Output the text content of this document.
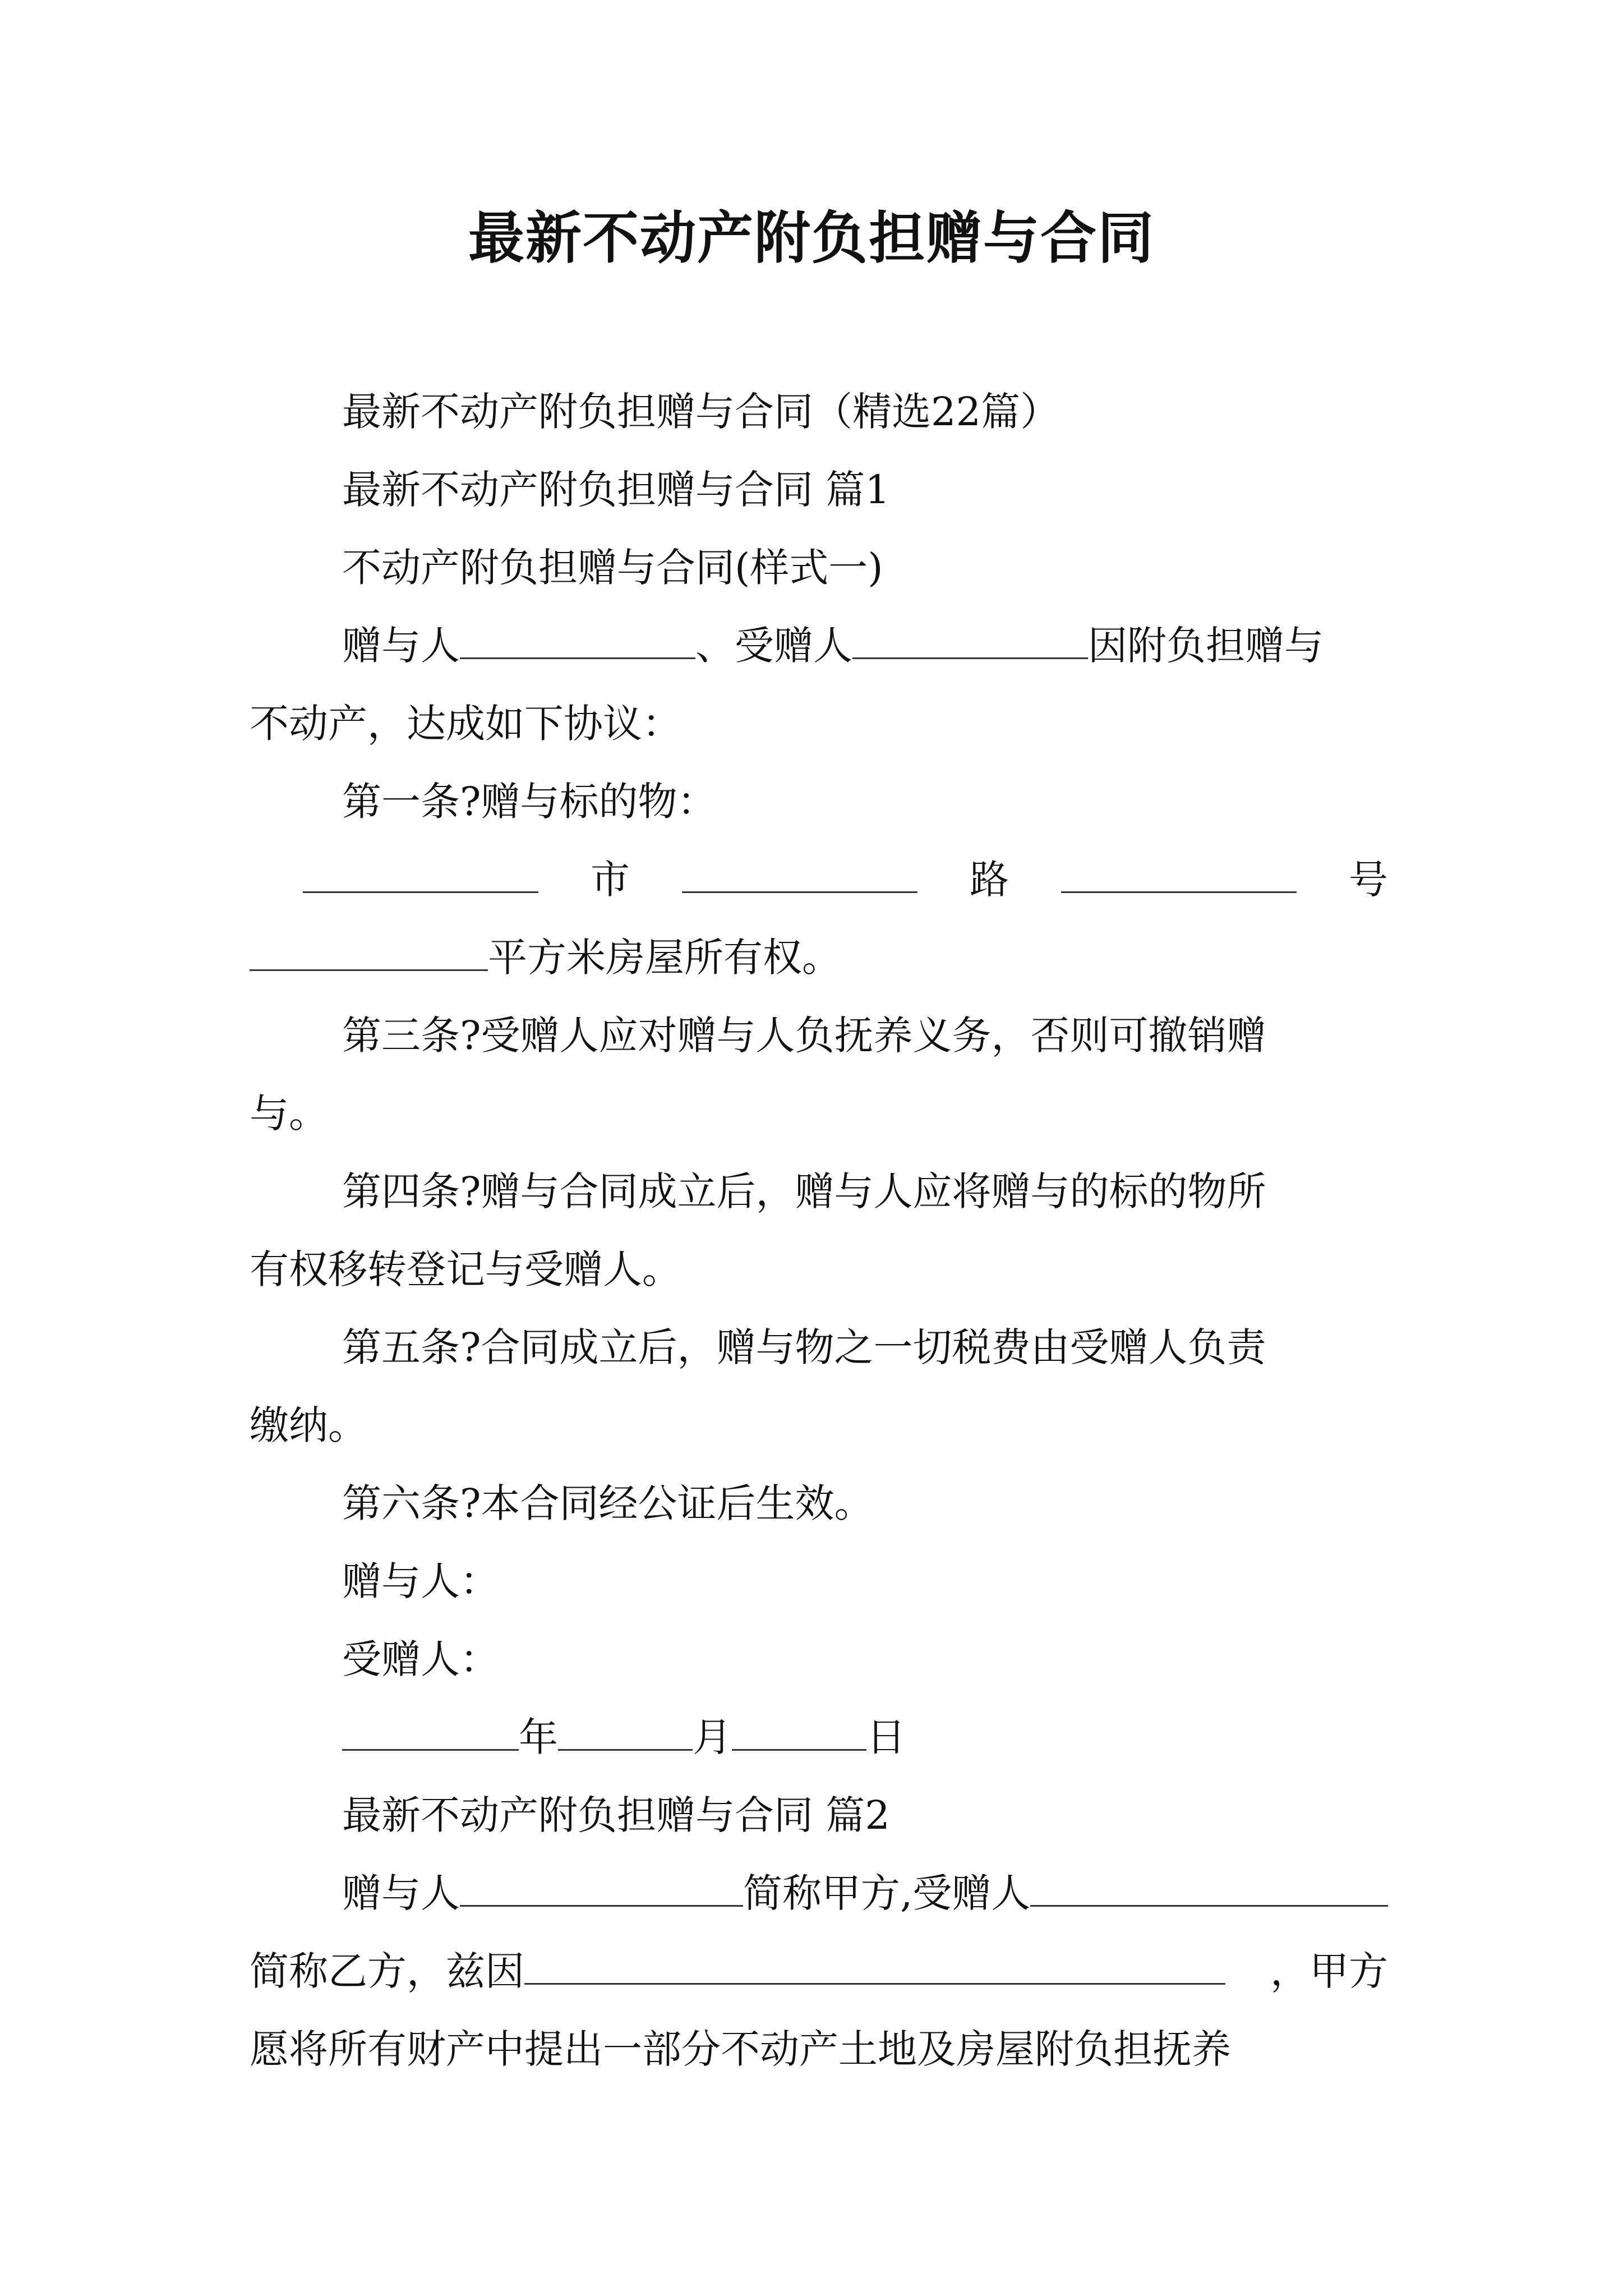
最新不动产附负担赠与合同
最新不动产附负担赠与合同（精选22篇）
最新不动产附负担赠与合同 篇1
不动产附负担赠与合同(样式一)
赠与人	、受赠人	因附负担赠与
不动产，达成如下协议：
第一条?赠与标的物：
市	路	号
平方米房屋所有权。
第三条?受赠人应对赠与人负抚养义务，否则可撤销赠
与。
第四条?赠与合同成立后，赠与人应将赠与的标的物所
有权移转登记与受赠人。
第五条?合同成立后，赠与物之一切税费由受赠人负责
缴纳。
第六条?本合同经公证后生效。
赠与人：
受赠人：
年	月	日
最新不动产附负担赠与合同 篇2
赠与人	简称甲方,受赠人
简称乙方，兹因	，甲方
愿将所有财产中提出一部分不动产土地及房屋附负担抚养
